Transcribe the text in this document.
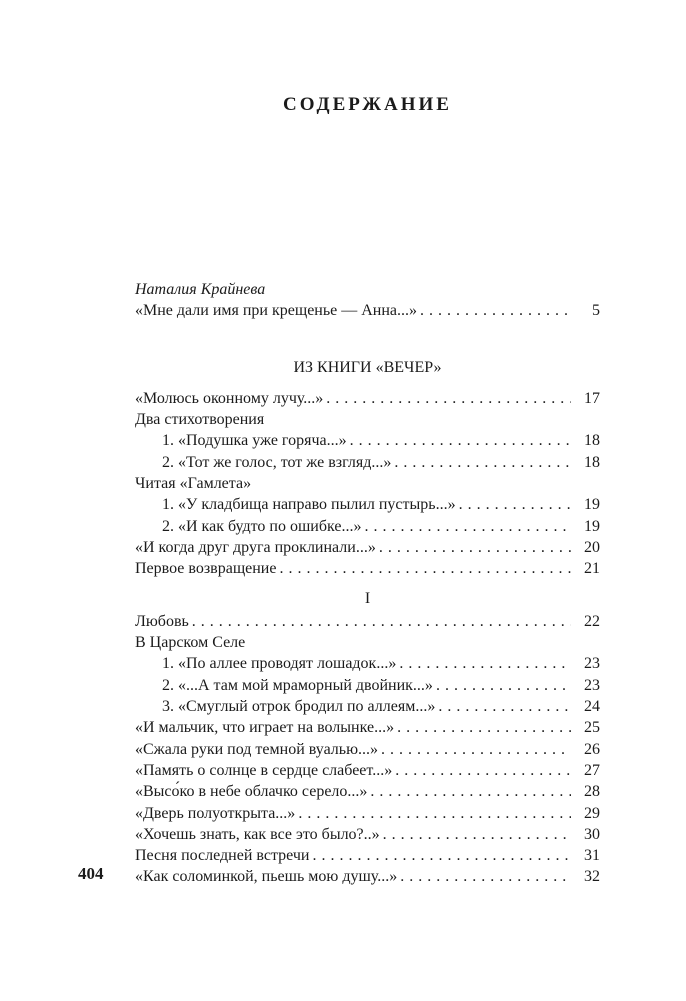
СОДЕРЖАНИЕ
Наталия Крайнева
«Мне дали имя при крещенье — Анна...» .....	5
ИЗ КНИГИ «ВЕЧЕР»
«Молюсь оконному лучу...» .....	17
Два стихотворения
1. «Подушка уже горяча...» .....	18
2. «Тот же голос, тот же взгляд...» .....	18
Читая «Гамлета»
1. «У кладбища направо пылил пустырь...» .....	19
2. «И как будто по ошибке...» .....	19
«И когда друг друга проклинали...» .....	20
Первое возвращение .....	21
I
Любовь .....	22
В Царском Селе
1. «По аллее проводят лошадок...» .....	23
2. «...А там мой мраморный двойник...» .....	23
3. «Смуглый отрок бродил по аллеям...» .....	24
«И мальчик, что играет на волынке...» .....	25
«Сжала руки под темной вуалью...» .....	26
«Память о солнце в сердце слабеет...» .....	27
«Высо́ко в небе облачко серело...» .....	28
«Дверь полуоткрыта...» .....	29
«Хочешь знать, как все это было?..» .....	30
Песня последней встречи .....	31
«Как соломинкой, пьешь мою душу...» .....	32
404
